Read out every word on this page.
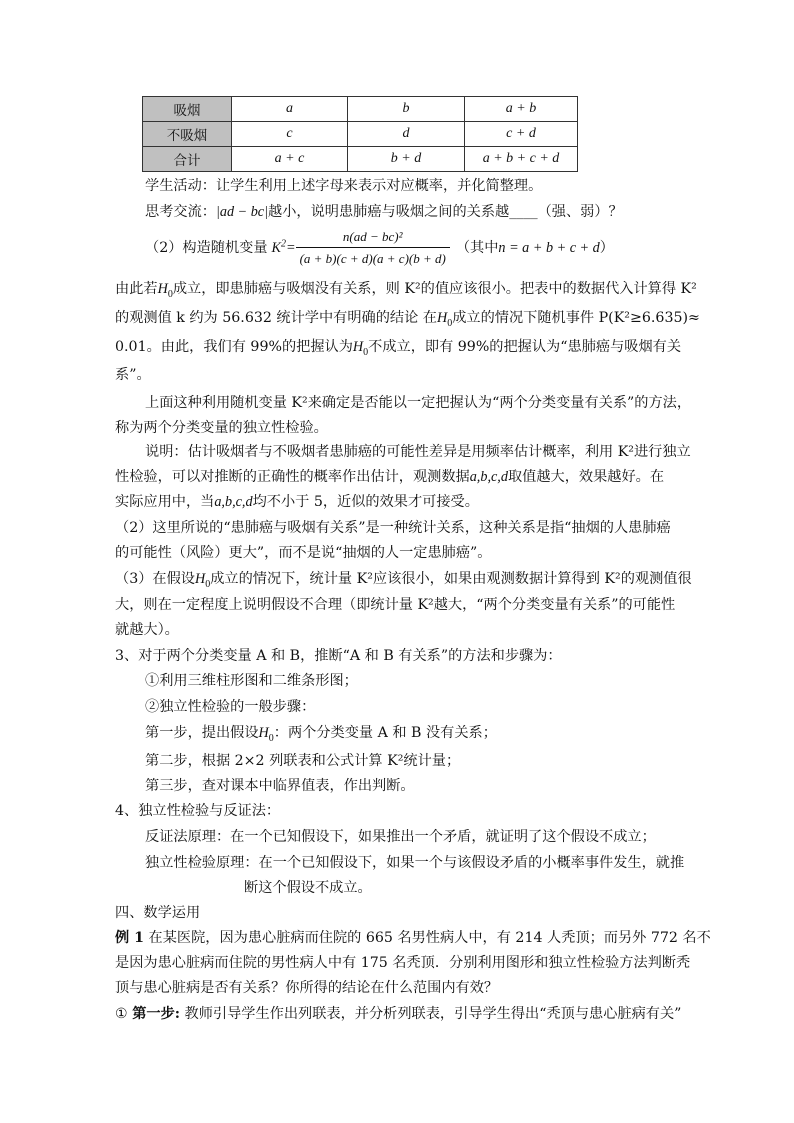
吸烟	a	b	a + b
不吸烟	c	d	c + d
合计	a + c	b + d	a + b + c + d
学生活动：让学生利用上述字母来表示对应概率，并化简整理。
思考交流：|ad − bc|越小，说明患肺癌与吸烟之间的关系越____（强、弱）？
（2）构造随机变量 $K^2 = \frac{\text{n(ad − bc)²}}{(a + b)(c + d)(a + c)(b + d)}$ （其中 n = a + b + c + d ）
由此若$H_0$成立，即患肺癌与吸烟没有关系，则 K²的值应该很小。把表中的数据代入计算得 K²
的观测值 k 约为 56.632 统计学中有明确的结论 在$H_0$成立的情况下随机事件 P(K²≥6.635)≈
0.01。由此，我们有 99%的把握认为$H_0$不成立，即有 99%的把握认为“患肺癌与吸烟有关
系”。
上面这种利用随机变量 K²来确定是否能以一定把握认为“两个分类变量有关系”的方法，
称为两个分类变量的独立性检验。
说明：估计吸烟者与不吸烟者患肺癌的可能性差异是用频率估计概率，利用 K²进行独立
性检验，可以对推断的正确性的概率作出估计，观测数据a,b,c,d取值越大，效果越好。在
实际应用中，当a,b,c,d均不小于 5，近似的效果才可接受。
（2）这里所说的“患肺癌与吸烟有关系”是一种统计关系，这种关系是指“抽烟的人患肺癌
的可能性（风险）更大”，而不是说“抽烟的人一定患肺癌”。
（3）在假设$H_0$成立的情况下，统计量 K²应该很小，如果由观测数据计算得到 K²的观测值很
大，则在一定程度上说明假设不合理（即统计量 K²越大，“两个分类变量有关系”的可能性
就越大）。
3、对于两个分类变量 A 和 B，推断“A 和 B 有关系”的方法和步骤为：
①利用三维柱形图和二维条形图；
②独立性检验的一般步骤：
第一步，提出假设$H_0$：两个分类变量 A 和 B 没有关系；
第二步，根据 2×2 列联表和公式计算 K²统计量；
第三步，查对课本中临界值表，作出判断。
4、独立性检验与反证法：
反证法原理：在一个已知假设下，如果推出一个矛盾，就证明了这个假设不成立；
独立性检验原理：在一个已知假设下，如果一个与该假设矛盾的小概率事件发生，就推
断这个假设不成立。
四、数学运用
例 1 在某医院，因为患心脏病而住院的 665 名男性病人中，有 214 人秃顶；而另外 772 名不
是因为患心脏病而住院的男性病人中有 175 名秃顶．分别利用图形和独立性检验方法判断秃
顶与患心脏病是否有关系？你所得的结论在什么范围内有效？
① 第一步: 教师引导学生作出列联表，并分析列联表，引导学生得出“秃顶与患心脏病有关”
